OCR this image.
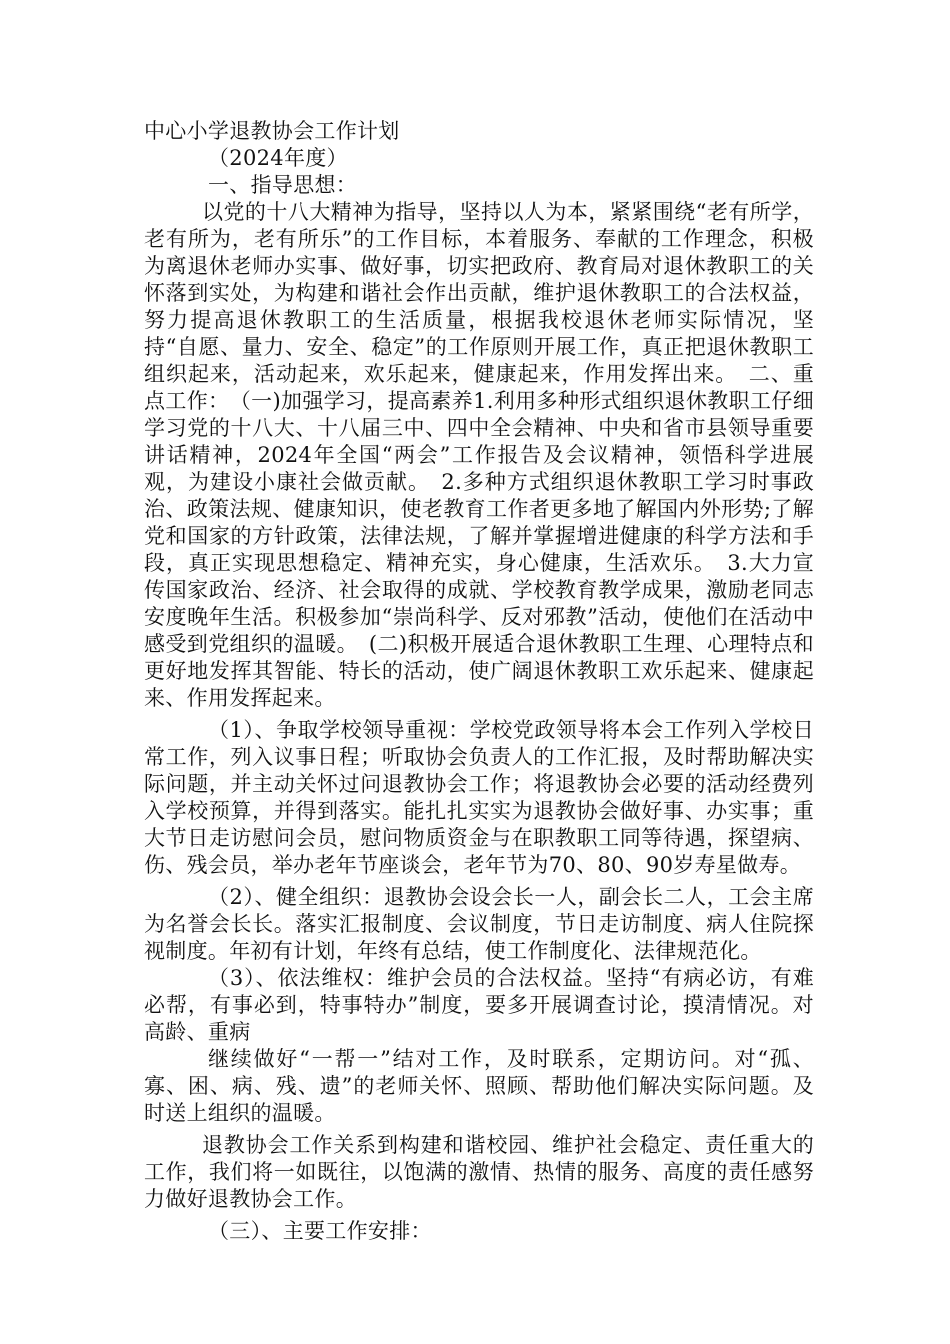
中心小学退教协会工作计划

（2024年度）

一、指导思想：

以党的十八大精神为指导，坚持以人为本，紧紧围绕“老有所学，老有所为，老有所乐”的工作目标，本着服务、奉献的工作理念，积极为离退休老师办实事、做好事，切实把政府、教育局对退休教职工的关怀落到实处，为构建和谐社会作出贡献，维护退休教职工的合法权益，努力提高退休教职工的生活质量，根据我校退休老师实际情况，坚持“自愿、量力、安全、稳定”的工作原则开展工作，真正把退休教职工组织起来，活动起来，欢乐起来，健康起来，作用发挥出来。　二、重点工作：　（一)加强学习，提高素养1.利用多种形式组织退休教职工仔细学习党的十八大、十八届三中、四中全会精神、中央和省市县领导重要讲话精神，2024年全国“两会”工作报告及会议精神，领悟科学进展观，为建设小康社会做贡献。　2.多种方式组织退休教职工学习时事政治、政策法规、健康知识，使老教育工作者更多地了解国内外形势;了解党和国家的方针政策，法律法规，了解并掌握增进健康的科学方法和手段，真正实现思想稳定、精神充实，身心健康，生活欢乐。　3.大力宣传国家政治、经济、社会取得的成就、学校教育教学成果，激励老同志安度晚年生活。积极参加“崇尚科学、反对邪教”活动，使他们在活动中感受到党组织的温暖。　(二)积极开展适合退休教职工生理、心理特点和更好地发挥其智能、特长的活动，使广阔退休教职工欢乐起来、健康起来、作用发挥起来。

（1）、争取学校领导重视：学校党政领导将本会工作列入学校日常工作，列入议事日程；听取协会负责人的工作汇报，及时帮助解决实际问题，并主动关怀过问退教协会工作；将退教协会必要的活动经费列入学校预算，并得到落实。能扎扎实实为退教协会做好事、办实事；重大节日走访慰问会员，慰问物质资金与在职教职工同等待遇，探望病、伤、残会员，举办老年节座谈会，老年节为70、80、90岁寿星做寿。

（2）、健全组织：退教协会设会长一人，副会长二人，工会主席为名誉会长长。落实汇报制度、会议制度，节日走访制度、病人住院探视制度。年初有计划，年终有总结，使工作制度化、法律规范化。

（3）、依法维权：维护会员的合法权益。坚持“有病必访，有难必帮，有事必到，特事特办”制度，要多开展调查讨论，摸清情况。对高龄、重病

继续做好“一帮一”结对工作，及时联系，定期访问。对“孤、寡、困、病、残、遗”的老师关怀、照顾、帮助他们解决实际问题。及时送上组织的温暖。

退教协会工作关系到构建和谐校园、维护社会稳定、责任重大的工作，我们将一如既往，以饱满的激情、热情的服务、高度的责任感努力做好退教协会工作。

（三）、主要工作安排：
